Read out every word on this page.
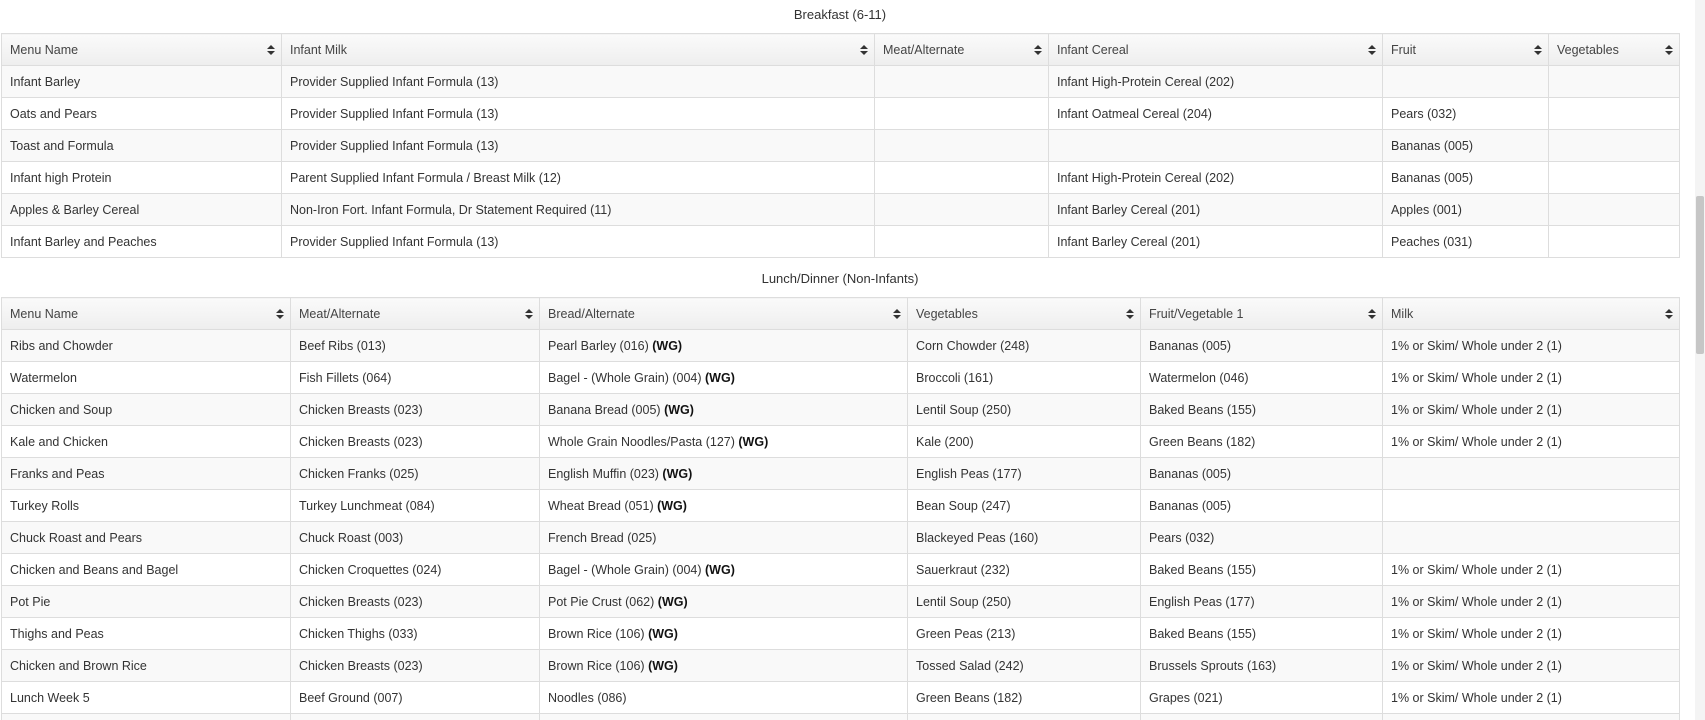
Breakfast (6-11)
Menu Name	Infant Milk	Meat/Alternate	Infant Cereal	Fruit	Vegetables

Infant Barley	Provider Supplied Infant Formula (13)		Infant High-Protein Cereal (202)		
Oats and Pears	Provider Supplied Infant Formula (13)		Infant Oatmeal Cereal (204)	Pears (032)	
Toast and Formula	Provider Supplied Infant Formula (13)			Bananas (005)	
Infant high Protein	Parent Supplied Infant Formula / Breast Milk (12)		Infant High-Protein Cereal (202)	Bananas (005)	
Apples & Barley Cereal	Non-Iron Fort. Infant Formula, Dr Statement Required (11)		Infant Barley Cereal (201)	Apples (001)	
Infant Barley and Peaches	Provider Supplied Infant Formula (13)		Infant Barley Cereal (201)	Peaches (031)	
Lunch/Dinner (Non-Infants)
Menu Name	Meat/Alternate	Bread/Alternate	Vegetables	Fruit/Vegetable 1	Milk

Ribs and Chowder	Beef Ribs (013)	Pearl Barley (016) (WG)	Corn Chowder (248)	Bananas (005)	1% or Skim/ Whole under 2 (1)
Watermelon	Fish Fillets (064)	Bagel - (Whole Grain) (004) (WG)	Broccoli (161)	Watermelon (046)	1% or Skim/ Whole under 2 (1)
Chicken and Soup	Chicken Breasts (023)	Banana Bread (005) (WG)	Lentil Soup (250)	Baked Beans (155)	1% or Skim/ Whole under 2 (1)
Kale and Chicken	Chicken Breasts (023)	Whole Grain Noodles/Pasta (127) (WG)	Kale (200)	Green Beans (182)	1% or Skim/ Whole under 2 (1)
Franks and Peas	Chicken Franks (025)	English Muffin (023) (WG)	English Peas (177)	Bananas (005)	
Turkey Rolls	Turkey Lunchmeat (084)	Wheat Bread (051) (WG)	Bean Soup (247)	Bananas (005)	
Chuck Roast and Pears	Chuck Roast (003)	French Bread (025)	Blackeyed Peas (160)	Pears (032)	
Chicken and Beans and Bagel	Chicken Croquettes (024)	Bagel - (Whole Grain) (004) (WG)	Sauerkraut (232)	Baked Beans (155)	1% or Skim/ Whole under 2 (1)
Pot Pie	Chicken Breasts (023)	Pot Pie Crust (062) (WG)	Lentil Soup (250)	English Peas (177)	1% or Skim/ Whole under 2 (1)
Thighs and Peas	Chicken Thighs (033)	Brown Rice (106) (WG)	Green Peas (213)	Baked Beans (155)	1% or Skim/ Whole under 2 (1)
Chicken and Brown Rice	Chicken Breasts (023)	Brown Rice (106) (WG)	Tossed Salad (242)	Brussels Sprouts (163)	1% or Skim/ Whole under 2 (1)
Lunch Week 5	Beef Ground (007)	Noodles (086)	Green Beans (182)	Grapes (021)	1% or Skim/ Whole under 2 (1)
